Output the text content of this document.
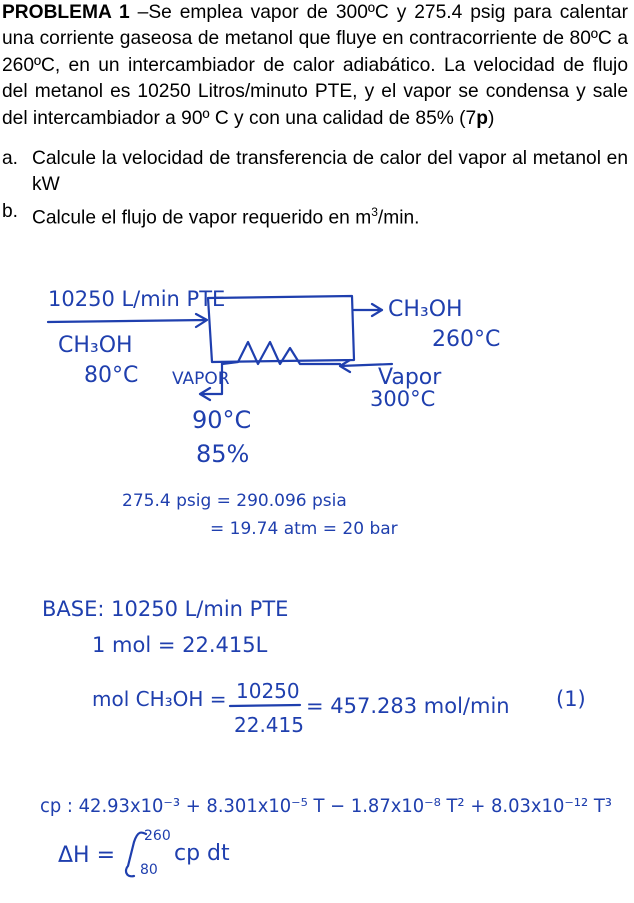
PROBLEMA 1 –Se emplea vapor de 300ºC y 275.4 psig para calentar una corriente gaseosa de metanol que fluye en contracorriente de 80ºC a 260ºC, en un intercambiador de calor adiabático. La velocidad de flujo del metanol es 10250 Litros/minuto PTE, y el vapor se condensa y sale del intercambiador a 90º C y con una calidad de 85% (7p)

a. Calcule la velocidad de transferencia de calor del vapor al metanol en kW
b. Calcule el flujo de vapor requerido en $m^3/\min$.
10250 L/min PTE
CH₃OH
80°C
CH₃OH
260°C
Vapor
300°C
VAPOR
90°C
85%
275.4 psig = 290.096 psia
= 19.74 atm = 20 bar
BASE: 10250 L/min PTE
1 mol = 22.415L
mol CH₃OH = 10250
22.415
= 457.283 mol/min (1)
cp : 42.93x10⁻³ + 8.301x10⁻⁵ T − 1.87x10⁻⁸ T² + 8.03x10⁻¹² T³
ΔH =
260
80
cp dt
